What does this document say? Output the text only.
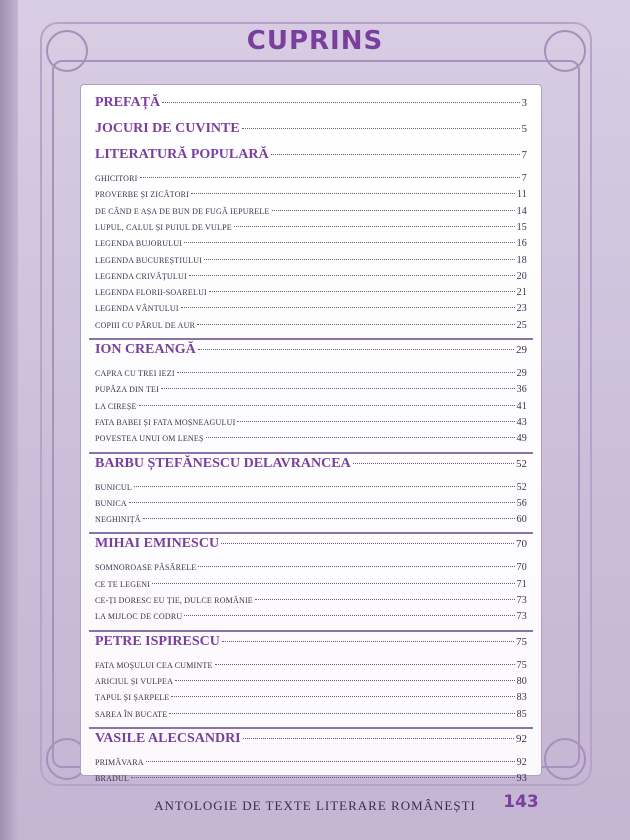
CUPRINS
PREFAȚĂ	3
JOCURI DE CUVINTE	5
LITERATURĂ POPULARĂ	7
GHICITORI	7
PROVERBE ȘI ZICĂTORI	11
DE CÂND E AȘA DE BUN DE FUGĂ IEPURELE	14
LUPUL, CALUL ȘI PUIUL DE VULPE	15
LEGENDA BUJORULUI	16
LEGENDA BUCUREȘTIULUI	18
LEGENDA CRIVĂȚULUI	20
LEGENDA FLORII-SOARELUI	21
LEGENDA VÂNTULUI	23
COPIII CU PĂRUL DE AUR	25
ION CREANGĂ	29
CAPRA CU TREI IEZI	29
PUPĂZA DIN TEI	36
LA CIREȘE	41
FATA BABEI ȘI FATA MOȘNEAGULUI	43
POVESTEA UNUI OM LENEȘ	49
BARBU ȘTEFĂNESCU DELAVRANCEA	52
BUNICUL	52
BUNICA	56
NEGHINIȚĂ	60
MIHAI EMINESCU	70
SOMNOROASE PĂSĂRELE	70
CE TE LEGENI	71
CE-ȚI DORESC EU ȚIE, DULCE ROMÂNIE	73
LA MIJLOC DE CODRU	73
PETRE ISPIRESCU	75
FATA MOȘULUI CEA CUMINTE	75
ARICIUL ȘI VULPEA	80
ȚAPUL ȘI ȘARPELE	83
SAREA ÎN BUCATE	85
VASILE ALECSANDRI	92
PRIMĂVARA	92
BRADUL	93
ANTOLOGIE DE TEXTE LITERARE ROMÂNEȘTI	143
